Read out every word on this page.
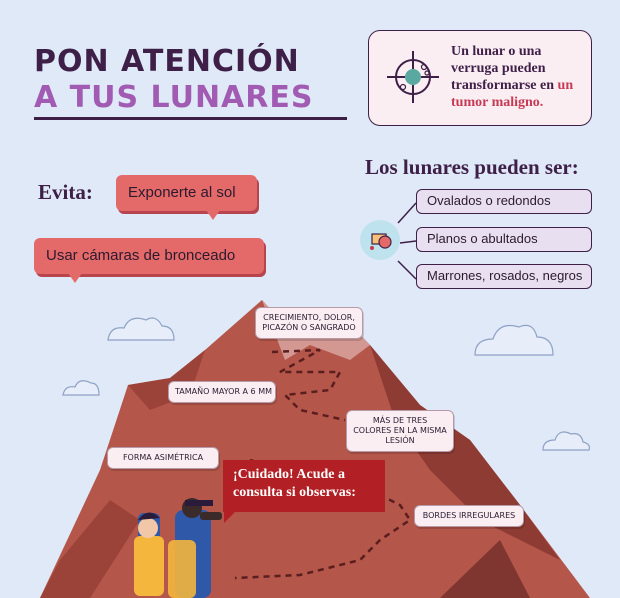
PON ATENCIÓN
A TUS LUNARES
Un lunar o una verruga pueden transformarse en un tumor maligno.
Evita:	Exponerte al sol
Usar cámaras de bronceado
Los lunares pueden ser:
Ovalados o redondos
Planos o abultados
Marrones, rosados, negros
CRECIMIENTO, DOLOR, PICAZÓN O SANGRADO
TAMAÑO MAYOR A 6 MM
MÁS DE TRES COLORES EN LA MISMA LESIÓN
FORMA ASIMÉTRICA
BORDES IRREGULARES
¡Cuidado! Acude a consulta si observas:
